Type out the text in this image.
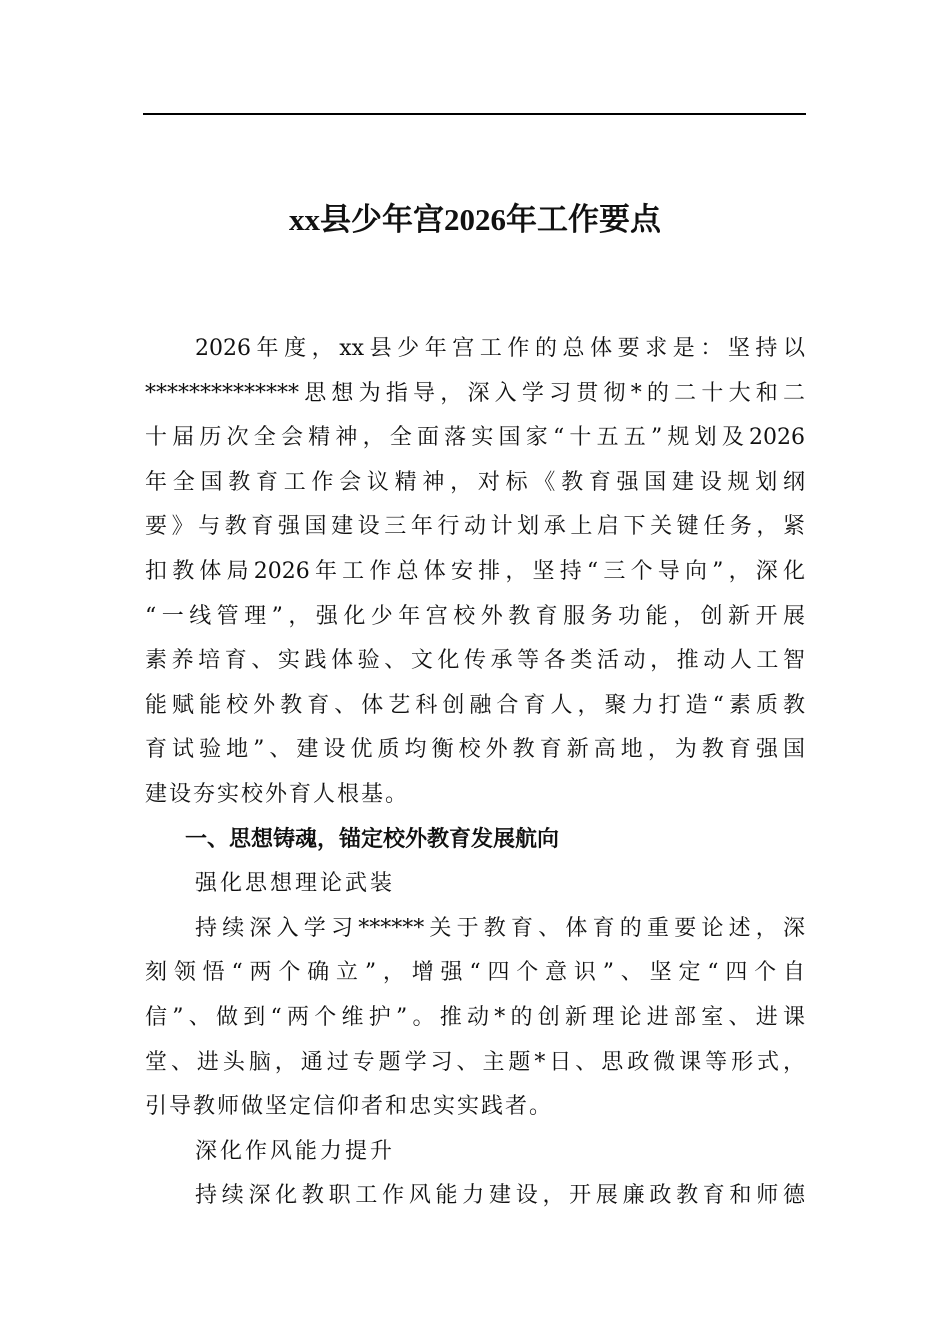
xx县少年宫2026年工作要点
2026年度，xx县少年宫工作的总体要求是：坚持以
**************思想为指导，深入学习贯彻*的二十大和二
十届历次全会精神，全面落实国家“十五五”规划及2026
年全国教育工作会议精神，对标《教育强国建设规划纲
要》与教育强国建设三年行动计划承上启下关键任务，紧
扣教体局2026年工作总体安排，坚持“三个导向”，深化
“一线管理”，强化少年宫校外教育服务功能，创新开展
素养培育、实践体验、文化传承等各类活动，推动人工智
能赋能校外教育、体艺科创融合育人，聚力打造“素质教
育试验地”、建设优质均衡校外教育新高地，为教育强国
建设夯实校外育人根基。
一、思想铸魂，锚定校外教育发展航向
强化思想理论武装
持续深入学习******关于教育、体育的重要论述，深
刻领悟“两个确立”，增强“四个意识”、坚定“四个自
信”、做到“两个维护”。推动*的创新理论进部室、进课
堂、进头脑，通过专题学习、主题*日、思政微课等形式，
引导教师做坚定信仰者和忠实实践者。
深化作风能力提升
持续深化教职工作风能力建设，开展廉政教育和师德
